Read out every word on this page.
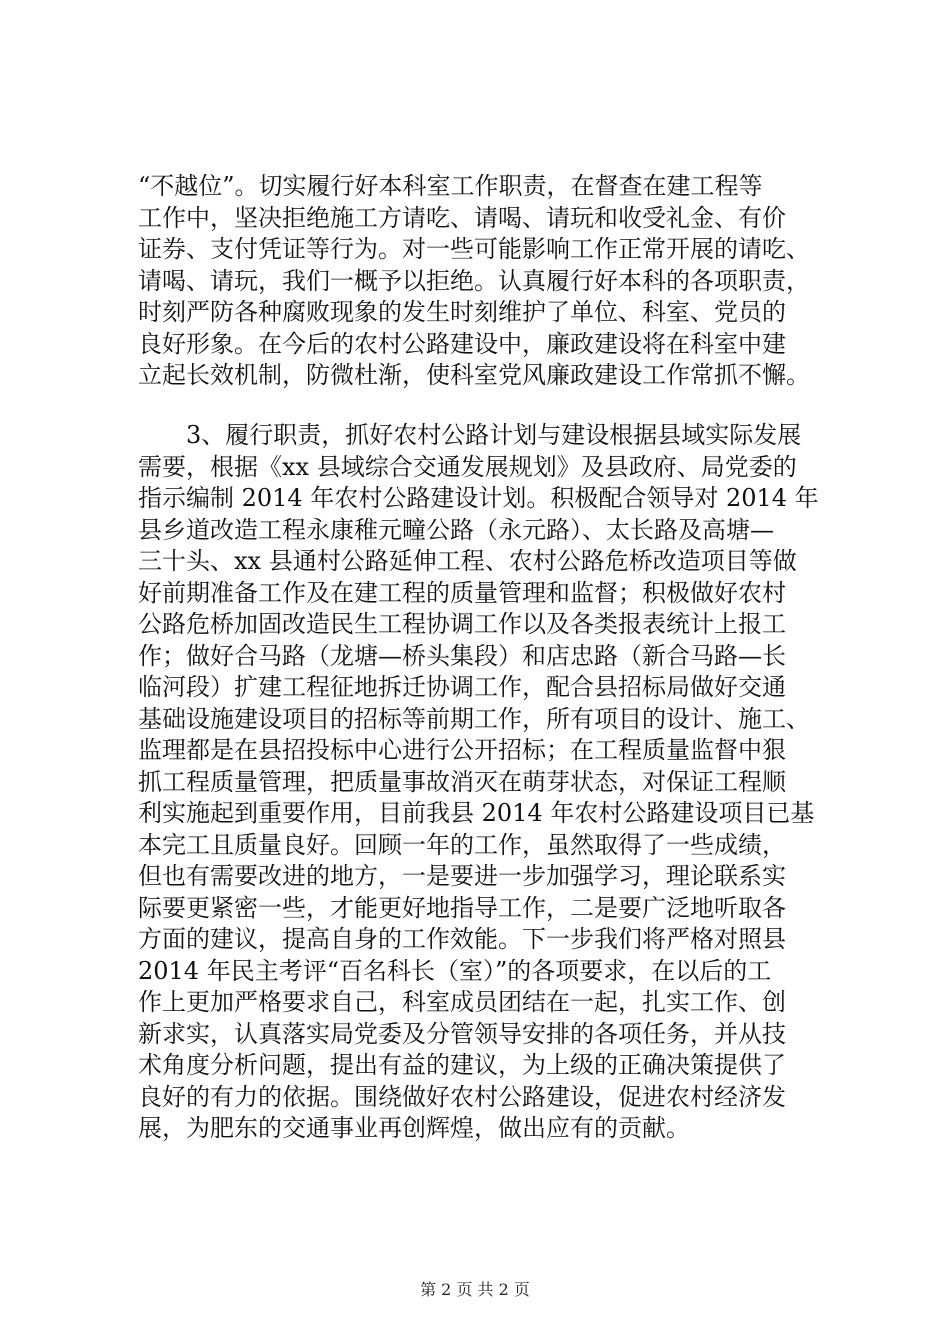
“不越位”。切实履行好本科室工作职责，在督查在建工程等
工作中，坚决拒绝施工方请吃、请喝、请玩和收受礼金、有价
证券、支付凭证等行为。对一些可能影响工作正常开展的请吃、
请喝、请玩，我们一概予以拒绝。认真履行好本科的各项职责，
时刻严防各种腐败现象的发生时刻维护了单位、科室、党员的
良好形象。在今后的农村公路建设中，廉政建设将在科室中建
立起长效机制，防微杜渐，使科室党风廉政建设工作常抓不懈。

3、履行职责，抓好农村公路计划与建设根据县域实际发展
需要，根据《xx 县域综合交通发展规划》及县政府、局党委的
指示编制 2014 年农村公路建设计划。积极配合领导对 2014 年
县乡道改造工程永康稚元疃公路（永元路）、太长路及高塘—
三十头、xx 县通村公路延伸工程、农村公路危桥改造项目等做
好前期准备工作及在建工程的质量管理和监督；积极做好农村
公路危桥加固改造民生工程协调工作以及各类报表统计上报工
作；做好合马路（龙塘—桥头集段）和店忠路（新合马路—长
临河段）扩建工程征地拆迁协调工作，配合县招标局做好交通
基础设施建设项目的招标等前期工作，所有项目的设计、施工、
监理都是在县招投标中心进行公开招标；在工程质量监督中狠
抓工程质量管理，把质量事故消灭在萌芽状态，对保证工程顺
利实施起到重要作用，目前我县 2014 年农村公路建设项目已基
本完工且质量良好。回顾一年的工作，虽然取得了一些成绩，
但也有需要改进的地方，一是要进一步加强学习，理论联系实
际要更紧密一些，才能更好地指导工作，二是要广泛地听取各
方面的建议，提高自身的工作效能。下一步我们将严格对照县
2014 年民主考评“百名科长（室）”的各项要求，在以后的工
作上更加严格要求自己，科室成员团结在一起，扎实工作、创
新求实，认真落实局党委及分管领导安排的各项任务，并从技
术角度分析问题，提出有益的建议，为上级的正确决策提供了
良好的有力的依据。围绕做好农村公路建设，促进农村经济发
展，为肥东的交通事业再创辉煌，做出应有的贡献。

第 2 页 共 2 页
